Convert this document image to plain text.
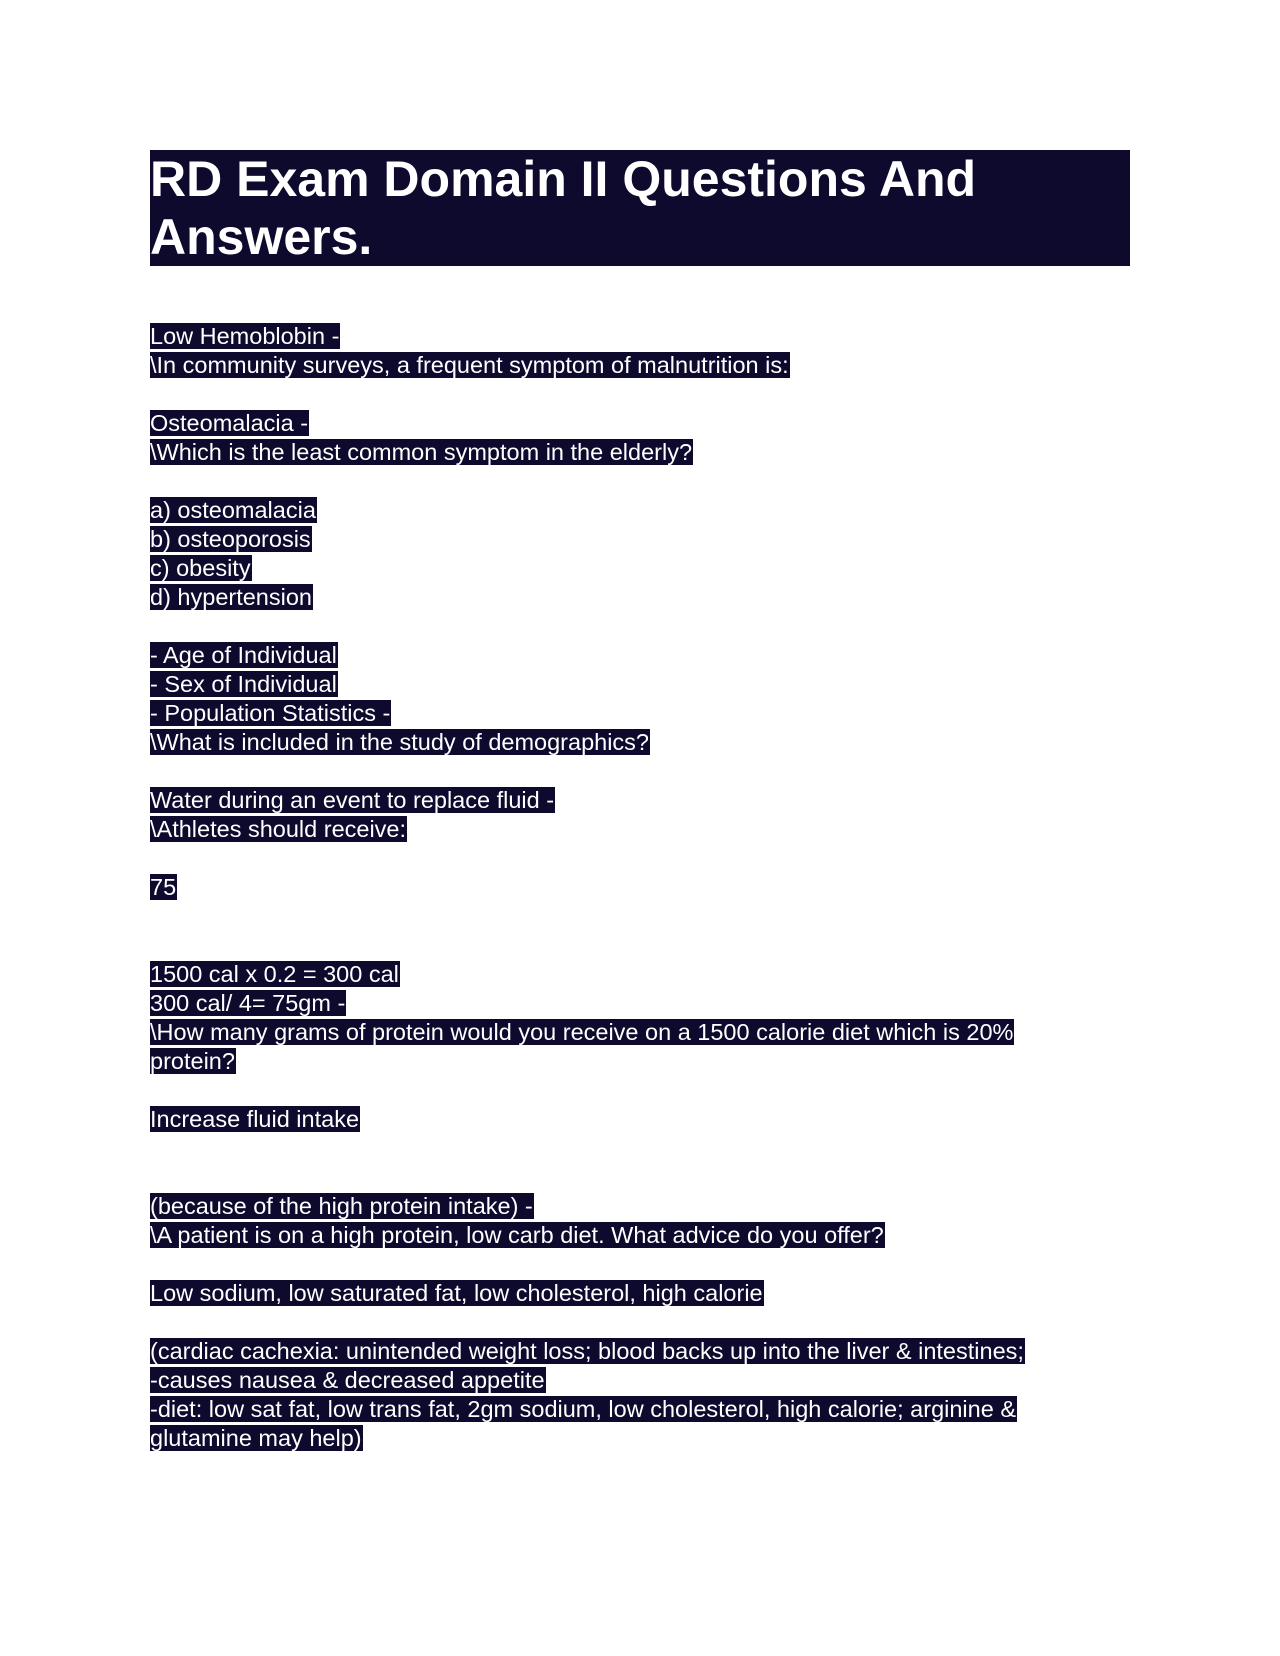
RD Exam Domain II Questions And
Answers.
Low Hemoblobin -
\In community surveys, a frequent symptom of malnutrition is:
Osteomalacia -
\Which is the least common symptom in the elderly?
a) osteomalacia
b) osteoporosis
c) obesity
d) hypertension
- Age of Individual
- Sex of Individual
- Population Statistics -
\What is included in the study of demographics?
Water during an event to replace fluid -
\Athletes should receive:
75
1500 cal x 0.2 = 300 cal
300 cal/ 4= 75gm -
\How many grams of protein would you receive on a 1500 calorie diet which is 20%
protein?
Increase fluid intake
(because of the high protein intake) -
\A patient is on a high protein, low carb diet. What advice do you offer?
Low sodium, low saturated fat, low cholesterol, high calorie
(cardiac cachexia: unintended weight loss; blood backs up into the liver & intestines;
-causes nausea & decreased appetite
-diet: low sat fat, low trans fat, 2gm sodium, low cholesterol, high calorie; arginine &
glutamine may help)
